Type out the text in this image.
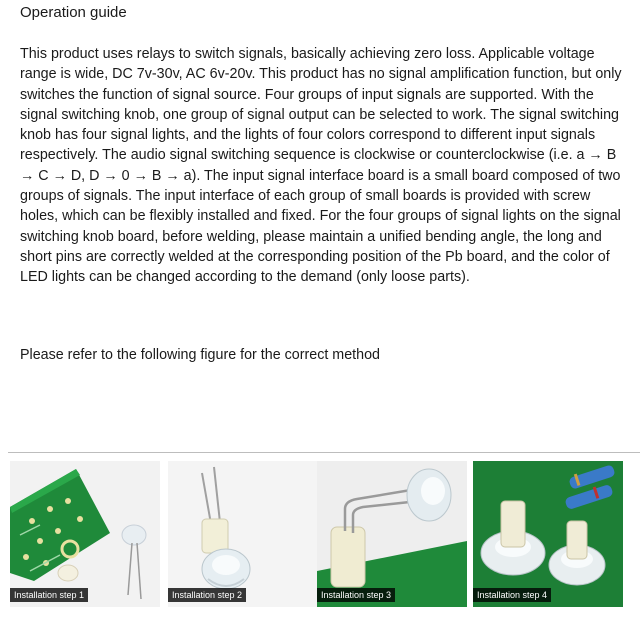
Operation guide

This product uses relays to switch signals, basically achieving zero loss. Applicable voltage range is wide, DC 7v-30v, AC 6v-20v. This product has no signal amplification function, but only switches the function of signal source. Four groups of input signals are supported. With the signal switching knob, one group of signal output can be selected to work. The signal switching knob has four signal lights, and the lights of four colors correspond to different input signals respectively. The audio signal switching sequence is clockwise or counterclockwise (i.e. a → B → C → D, D → 0 → B → a). The input signal interface board is a small board composed of two groups of signals. The input interface of each group of small boards is provided with screw holes, which can be flexibly installed and fixed. For the four groups of signal lights on the signal switching knob board, before welding, please maintain a unified bending angle, the long and short pins are correctly welded at the corresponding position of the Pb board, and the color of LED lights can be changed according to the demand (only loose parts).

Please refer to the following figure for the correct method
Installation step 1	Installation step 2	Installation step 3	Installation step 4
